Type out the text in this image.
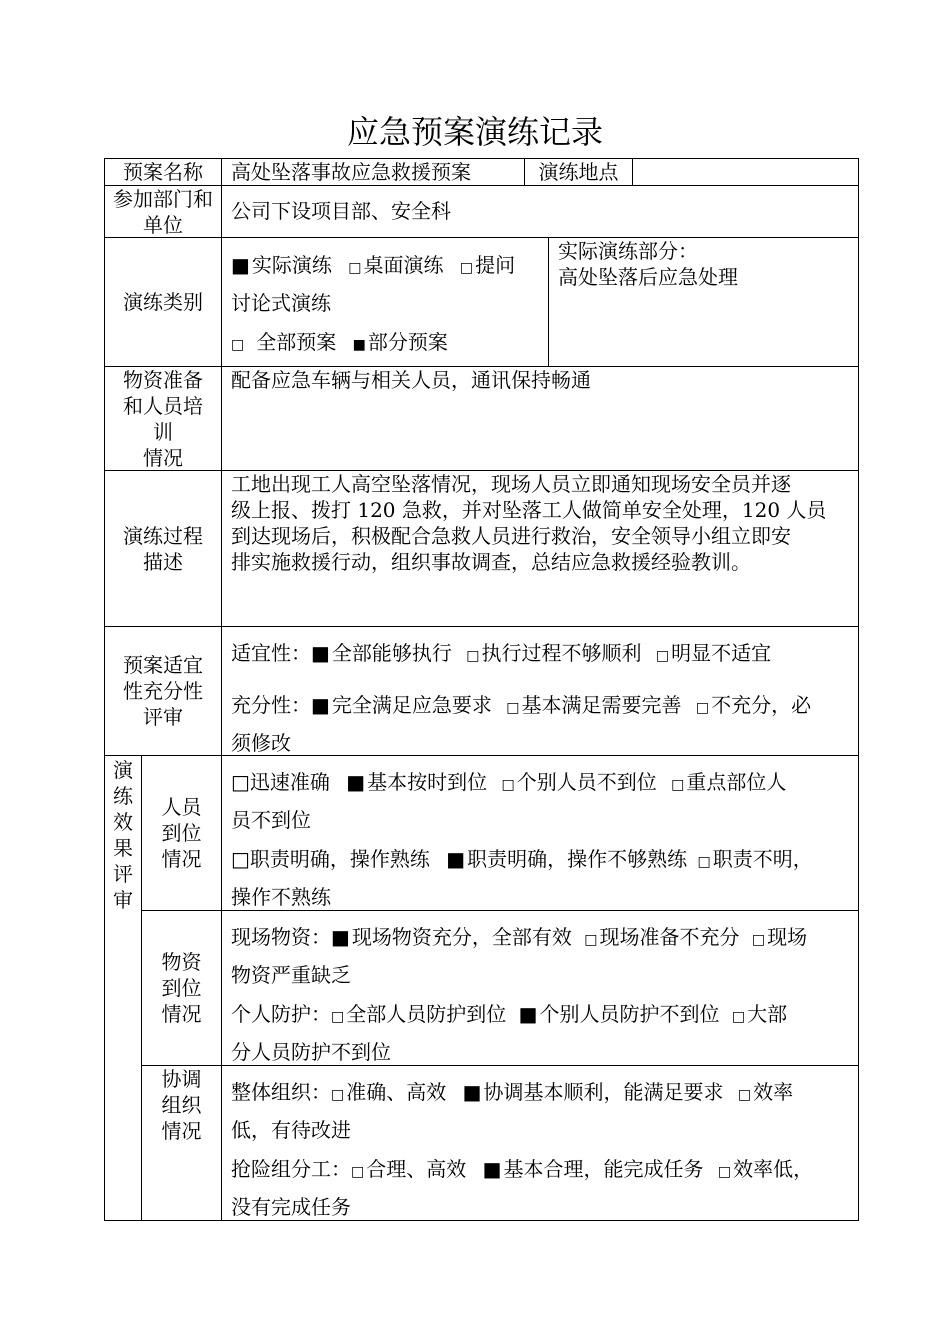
应急预案演练记录
预案名称	高处坠落事故应急救援预案	演练地点
参加部门和单位
公司下设项目部、安全科
演练类别
■ 实际演练 □ 桌面演练 □ 提问
讨论式演练
□ 全部预案 ■ 部分预案
实际演练部分：
高处坠落后应急处理
物资准备
和人员培
训
情况
配备应急车辆与相关人员，通讯保持畅通
演练过程
描述
工地出现工人高空坠落情况，现场人员立即通知现场安全员并逐
级上报、拨打 120 急救，并对坠落工人做简单安全处理，120 人员
到达现场后，积极配合急救人员进行救治，安全领导小组立即安
排实施救援行动，组织事故调查，总结应急救援经验教训。
预案适宜
性充分性
评审
适宜性：■ 全部能够执行 □ 执行过程不够顺利 □ 明显不适宜
充分性：■ 完全满足应急要求 □ 基本满足需要完善 □ 不充分，必
须修改
演
练
效
果
评
审
人员
到位
情况
□迅速准确 ■ 基本按时到位 □ 个别人员不到位 □ 重点部位人
员不到位
□职责明确，操作熟练 ■ 职责明确，操作不够熟练 □ 职责不明，
操作不熟练
物资
到位
情况
现场物资：■ 现场物资充分，全部有效 □ 现场准备不充分 □ 现场
物资严重缺乏
个人防护：□ 全部人员防护到位 ■ 个别人员防护不到位 □ 大部
分人员防护不到位
协调
组织
情况
整体组织：□ 准确、高效 ■ 协调基本顺利，能满足要求 □ 效率
低，有待改进
抢险组分工：□ 合理、高效 ■ 基本合理，能完成任务 □ 效率低，
没有完成任务
